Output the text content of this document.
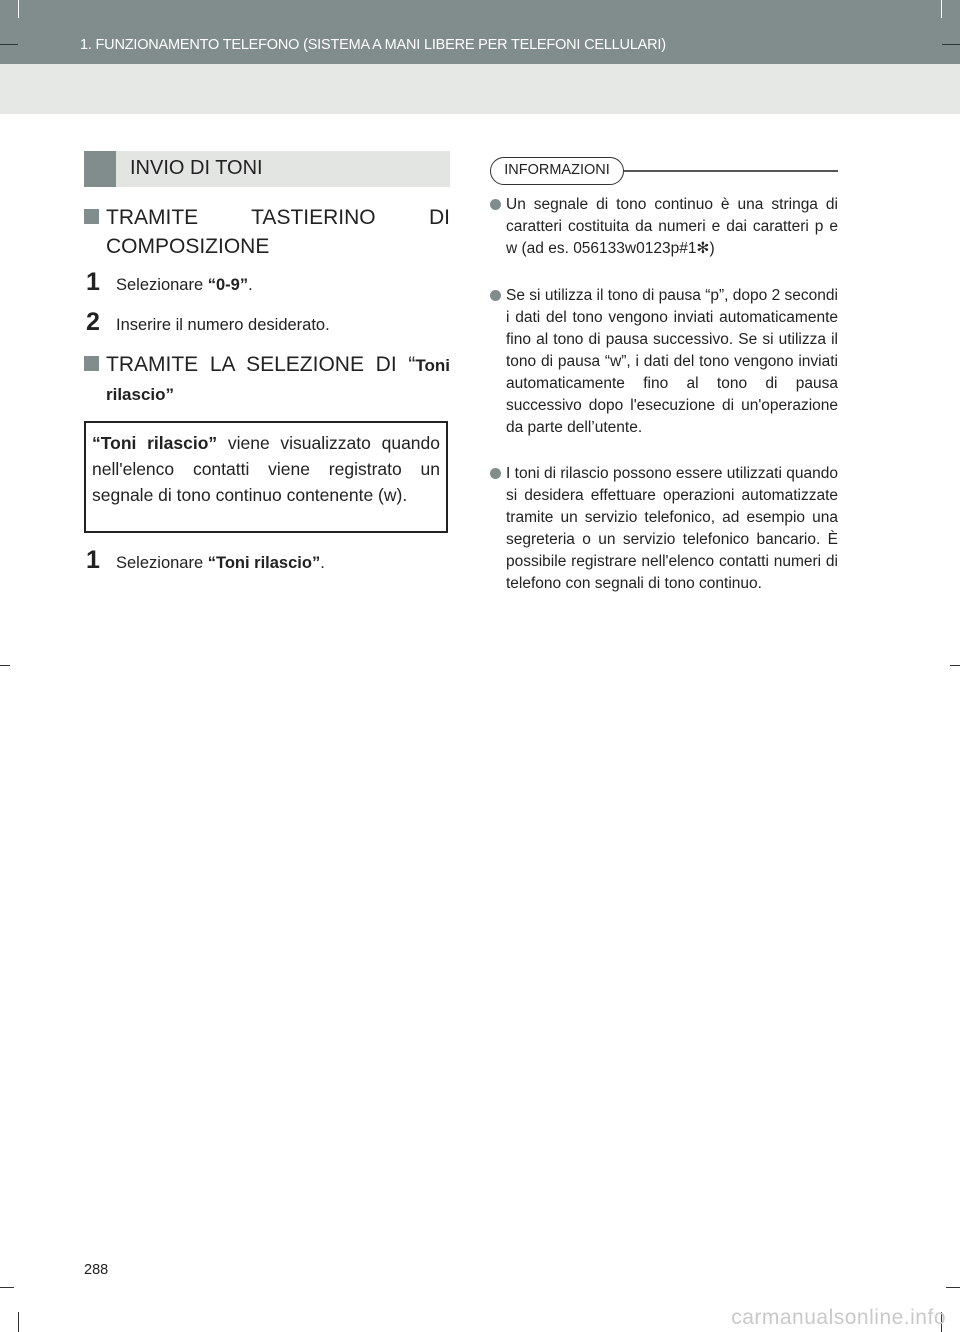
1. FUNZIONAMENTO TELEFONO (SISTEMA A MANI LIBERE PER TELEFONI CELLULARI)
INVIO DI TONI
TRAMITE TASTIERINO DI
COMPOSIZIONE
1 Selezionare “0-9”.
2 Inserire il numero desiderato.
TRAMITE LA SELEZIONE DI “Toni
rilascio”
“Toni rilascio” viene visualizzato quando nell'elenco contatti viene registrato un segnale di tono continuo contenente (w).
1 Selezionare “Toni rilascio”.
INFORMAZIONI
Un segnale di tono continuo è una stringa di caratteri costituita da numeri e dai caratteri p e w (ad es. 056133w0123p#1✻)
Se si utilizza il tono di pausa “p”, dopo 2 secondi i dati del tono vengono inviati automaticamente fino al tono di pausa successivo. Se si utilizza il tono di pausa “w”, i dati del tono vengono inviati automaticamente fino al tono di pausa successivo dopo l'esecuzione di un'operazione da parte dell’utente.
I toni di rilascio possono essere utilizzati quando si desidera effettuare operazioni automatizzate tramite un servizio telefonico, ad esempio una segreteria o un servizio telefonico bancario. È possibile registrare nell'elenco contatti numeri di telefono con segnali di tono continuo.
288
carmanualsonline.info
